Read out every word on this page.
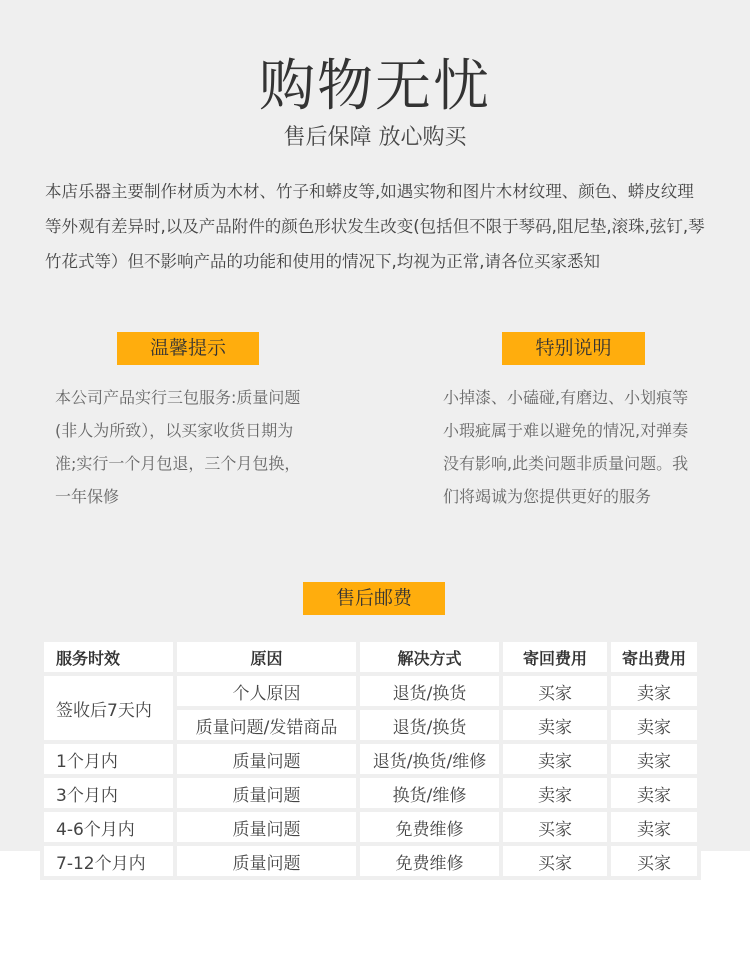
购物无忧
售后保障 放心购买
本店乐器主要制作材质为木材、竹子和蟒皮等,如遇实物和图片木材纹理、颜色、蟒皮纹理等外观有差异时,以及产品附件的颜色形状发生改变(包括但不限于琴码,阻尼垫,滚珠,弦钉,琴竹花式等）但不影响产品的功能和使用的情况下,均视为正常,请各位买家悉知
温馨提示	特别说明
本公司产品实行三包服务:质量问题(非人为所致），以买家收货日期为准;实行一个月包退，三个月包换，一年保修
小掉漆、小磕碰,有磨边、小划痕等小瑕疵属于难以避免的情况,对弹奏没有影响,此类问题非质量问题。我们将竭诚为您提供更好的服务
售后邮费
服务时效	原因	解决方式	寄回费用	寄出费用
签收后7天内	个人原因	退货/换货	买家	卖家
	质量问题/发错商品	退货/换货	卖家	卖家
1个月内	质量问题	退货/换货/维修	卖家	卖家
3个月内	质量问题	换货/维修	卖家	卖家
4-6个月内	质量问题	免费维修	买家	卖家
7-12个月内	质量问题	免费维修	买家	买家
